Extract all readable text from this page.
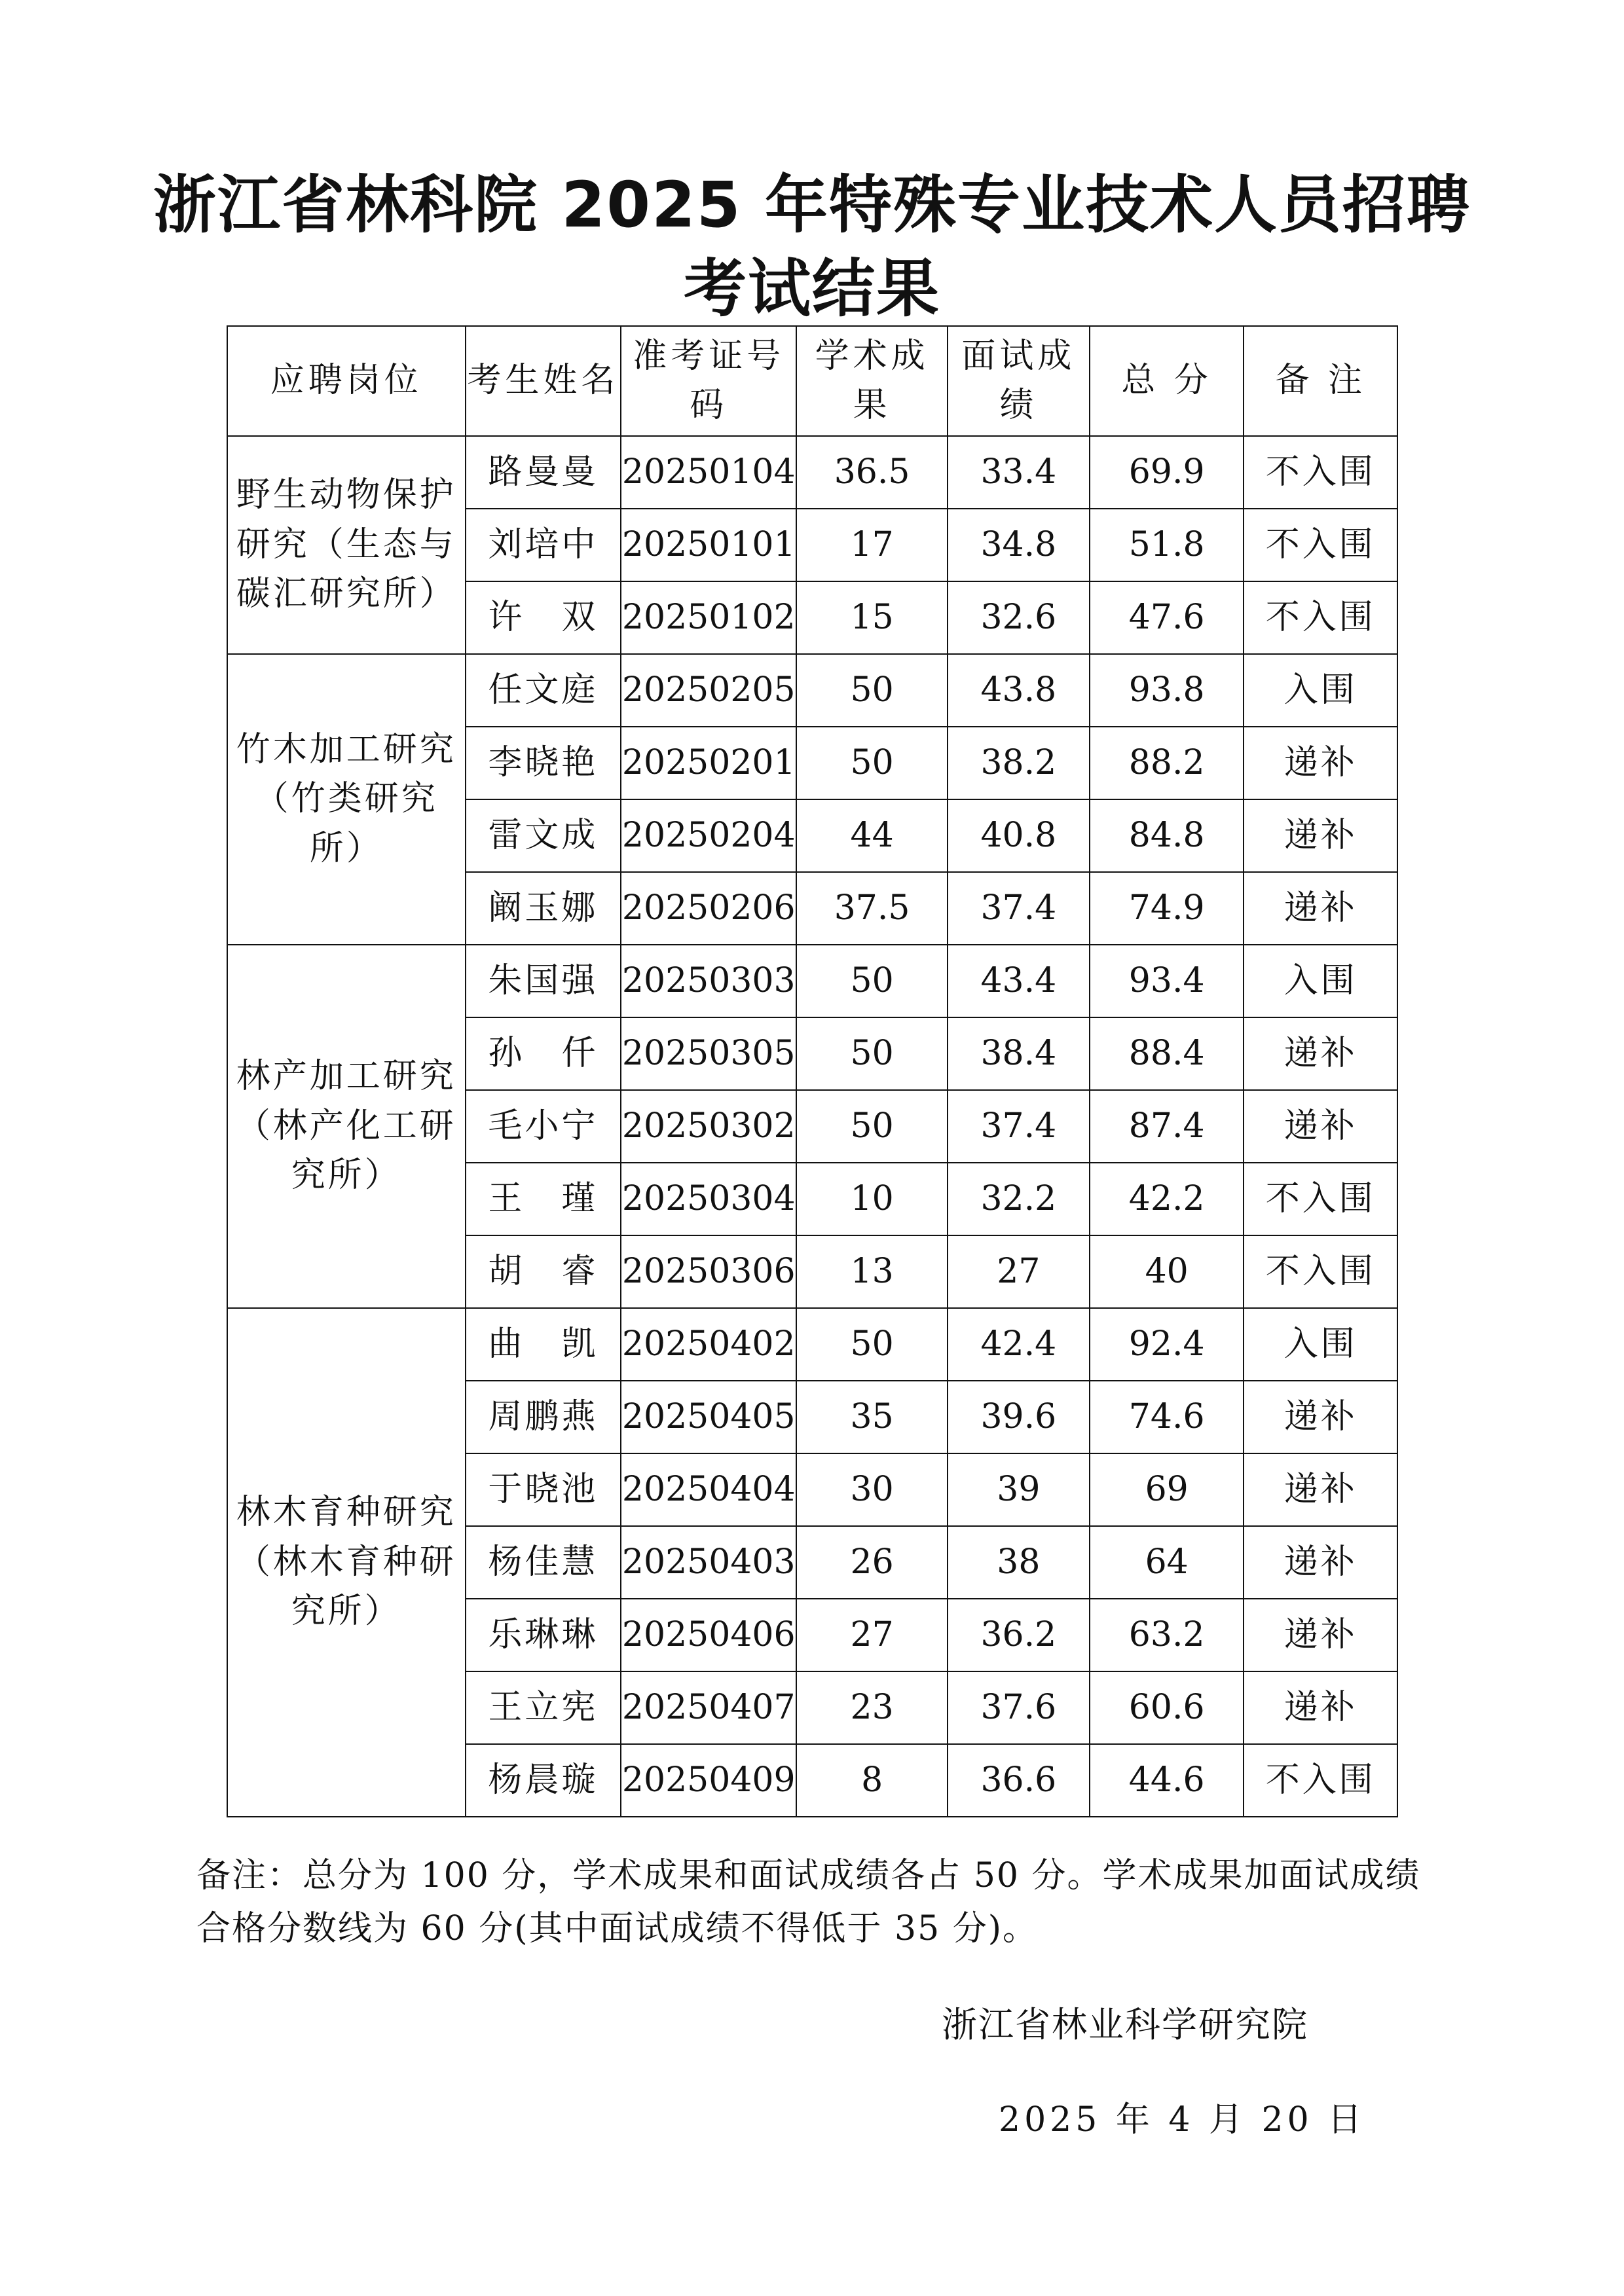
浙江省林科院 2025 年特殊专业技术人员招聘
考试结果
应聘岗位	考生姓名	准考证号码	学术成果	面试成绩	总 分	备 注
野生动物保护研究（生态与碳汇研究所）	路曼曼	20250104	36.5	33.4	69.9	不入围
	刘培中	20250101	17	34.8	51.8	不入围
	许　双	20250102	15	32.6	47.6	不入围
竹木加工研究（竹类研究所）	任文庭	20250205	50	43.8	93.8	入围
	李晓艳	20250201	50	38.2	88.2	递补
	雷文成	20250204	44	40.8	84.8	递补
	阚玉娜	20250206	37.5	37.4	74.9	递补
林产加工研究（林产化工研究所）	朱国强	20250303	50	43.4	93.4	入围
	孙　仟	20250305	50	38.4	88.4	递补
	毛小宁	20250302	50	37.4	87.4	递补
	王　瑾	20250304	10	32.2	42.2	不入围
	胡　睿	20250306	13	27	40	不入围
林木育种研究（林木育种研究所）	曲　凯	20250402	50	42.4	92.4	入围
	周鹏燕	20250405	35	39.6	74.6	递补
	于晓池	20250404	30	39	69	递补
	杨佳慧	20250403	26	38	64	递补
	乐琳琳	20250406	27	36.2	63.2	递补
	王立宪	20250407	23	37.6	60.6	递补
	杨晨璇	20250409	8	36.6	44.6	不入围
备注：总分为 100 分，学术成果和面试成绩各占 50 分。学术成果加面试成绩合格分数线为 60 分(其中面试成绩不得低于 35 分)。
浙江省林业科学研究院
2025 年 4 月 20 日
